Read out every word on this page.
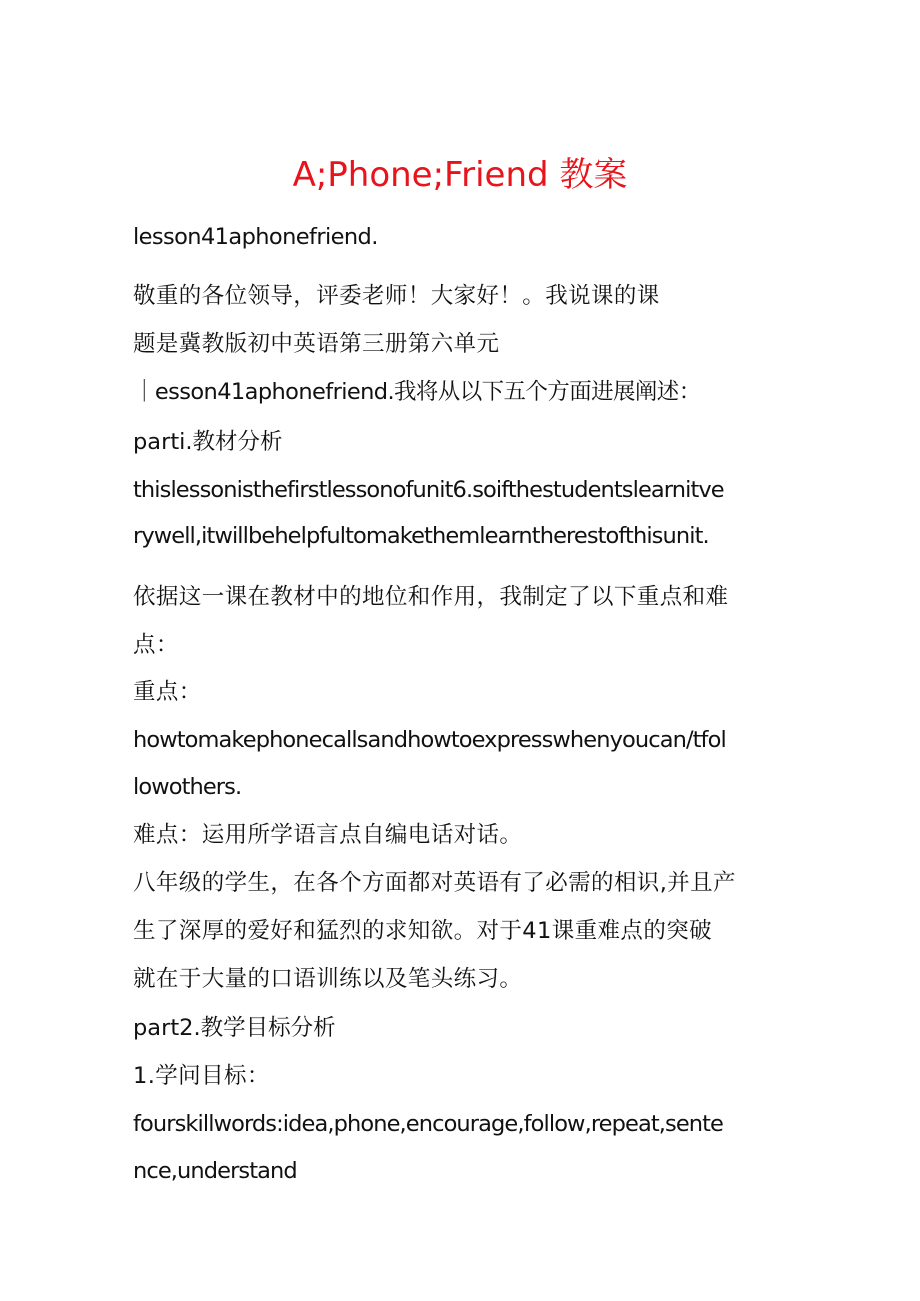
A;Phone;Friend 教案
lesson41aphonefriend.
敬重的各位领导，评委老师！大家好！。我说课的课
题是冀教版初中英语第三册第六单元
｜esson41aphonefriend.我将从以下五个方面进展阐述：
parti.教材分析
thislessonisthefirstlessonofunit6.soifthestudentslearnitve
rywell,itwillbehelpfultomakethemlearntherestofthisunit.
依据这一课在教材中的地位和作用，我制定了以下重点和难
点：
重点：
howtomakephonecallsandhowtoexpresswhenyoucan/tfol
lowothers.
难点：运用所学语言点自编电话对话。
八年级的学生，在各个方面都对英语有了必需的相识,并且产
生了深厚的爱好和猛烈的求知欲。对于41课重难点的突破
就在于大量的口语训练以及笔头练习。
part2.教学目标分析
1.学问目标：
fourskillwords:idea,phone,encourage,follow,repeat,sente
nce,understand
